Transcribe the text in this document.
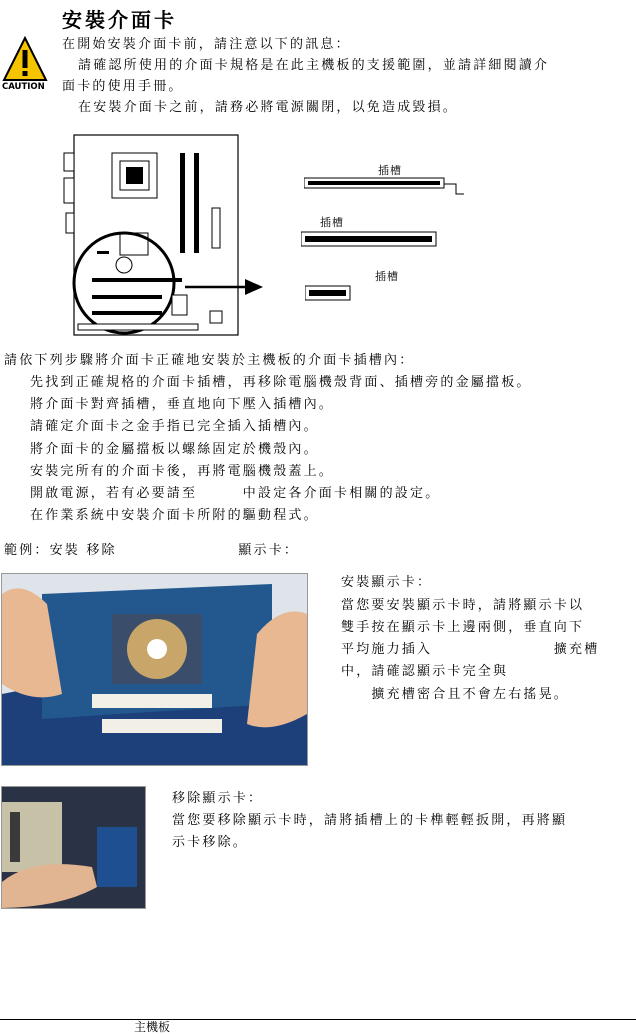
安裝介面卡
CAUTION
在開始安裝介面卡前，請注意以下的訊息：
請確認所使用的介面卡規格是在此主機板的支援範圍，並請詳細閱讀介
面卡的使用手冊。
在安裝介面卡之前，請務必將電源關閉，以免造成毀損。
插槽
插槽
插槽
請依下列步驟將介面卡正確地安裝於主機板的介面卡插槽內：
先找到正確規格的介面卡插槽，再移除電腦機殼背面、插槽旁的金屬擋板。
將介面卡對齊插槽，垂直地向下壓入插槽內。
請確定介面卡之金手指已完全插入插槽內。
將介面卡的金屬擋板以螺絲固定於機殼內。
安裝完所有的介面卡後，再將電腦機殼蓋上。
開啟電源，若有必要請至　　　中設定各介面卡相關的設定。
在作業系統中安裝介面卡所附的驅動程式。
範例：安裝 移除　　　　　　　　顯示卡：
安裝顯示卡：
當您要安裝顯示卡時，請將顯示卡以
雙手按在顯示卡上邊兩側，垂直向下
平均施力插入　　　　　　　　擴充槽
中，請確認顯示卡完全與
　　擴充槽密合且不會左右搖晃。
移除顯示卡：
當您要移除顯示卡時，請將插槽上的卡榫輕輕扳開，再將顯
示卡移除。
主機板
